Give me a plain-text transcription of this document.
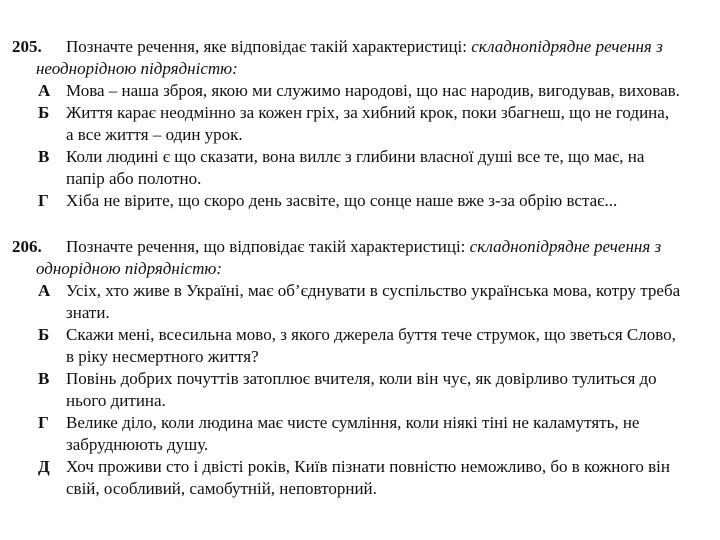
205. Позначте речення, яке відповідає такій характеристиці: складнопідрядне речення з
неоднорідною підрядністю:
А Мова – наша зброя, якою ми служимо народові, що нас народив, вигодував, виховав.
Б Життя карає неодмінно за кожен гріх, за хибний крок, поки збагнеш, що не година,
а все життя – один урок.
В Коли людині є що сказати, вона виллє з глибини власної душі все те, що має, на
папір або полотно.
Г Хіба не вірите, що скоро день засвіте, що сонце наше вже з-за обрію встає...
206. Позначте речення, що відповідає такій характеристиці: складнопідрядне речення з
однорідною підрядністю:
А Усіх, хто живе в Україні, має об’єднувати в суспільство українська мова, котру треба
знати.
Б Скажи мені, всесильна мово, з якого джерела буття тече струмок, що зветься Слово,
в ріку несмертного життя?
В Повінь добрих почуттів затоплює вчителя, коли він чує, як довірливо тулиться до
нього дитина.
Г Велике діло, коли людина має чисте сумління, коли ніякі тіні не каламутять, не
забруднюють душу.
Д Хоч проживи сто і двісті років, Київ пізнати повністю неможливо, бо в кожного він
свій, особливий, самобутній, неповторний.
